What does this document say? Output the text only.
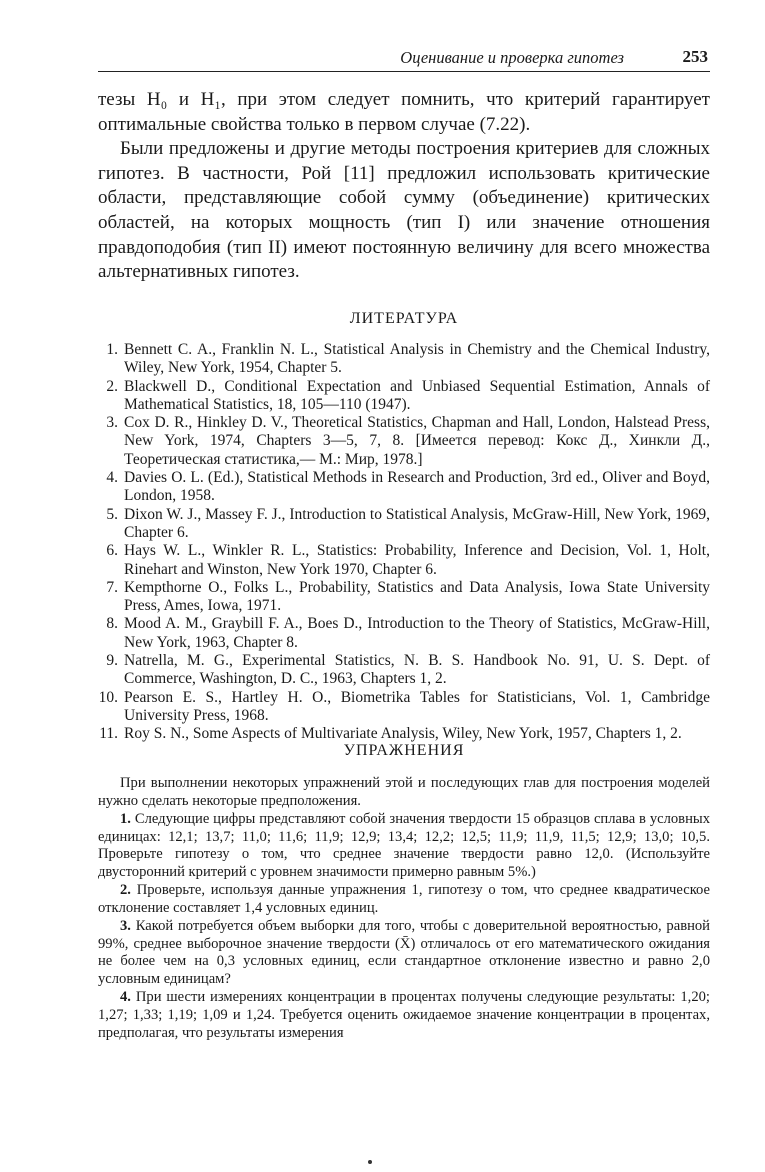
Оценивание и проверка гипотез	253

тезы H₀ и H₁, при этом следует помнить, что критерий гарантирует оптимальные свойства только в первом случае (7.22).

Были предложены и другие методы построения критериев для сложных гипотез. В частности, Рой [11] предложил использовать критические области, представляющие собой сумму (объединение) критических областей, на которых мощность (тип I) или значение отношения правдоподобия (тип II) имеют постоянную величину для всего множества альтернативных гипотез.

ЛИТЕРАТУРА
1. Bennett C. A., Franklin N. L., Statistical Analysis in Chemistry and the Chemical Industry, Wiley, New York, 1954, Chapter 5.
2. Blackwell D., Conditional Expectation and Unbiased Sequential Estimation, Annals of Mathematical Statistics, 18, 105—110 (1947).
3. Cox D. R., Hinkley D. V., Theoretical Statistics, Chapman and Hall, London, Halstead Press, New York, 1974, Chapters 3—5, 7, 8. [Имеется перевод: Кокс Д., Хинкли Д., Теоретическая статистика,— М.: Мир, 1978.]
4. Davies O. L. (Ed.), Statistical Methods in Research and Production, 3rd ed., Oliver and Boyd, London, 1958.
5. Dixon W. J., Massey F. J., Introduction to Statistical Analysis, McGraw-Hill, New York, 1969, Chapter 6.
6. Hays W. L., Winkler R. L., Statistics: Probability, Inference and Decision, Vol. 1, Holt, Rinehart and Winston, New York 1970, Chapter 6.
7. Kempthorne O., Folks L., Probability, Statistics and Data Analysis, Iowa State University Press, Ames, Iowa, 1971.
8. Mood A. M., Graybill F. A., Boes D., Introduction to the Theory of Statistics, McGraw-Hill, New York, 1963, Chapter 8.
9. Natrella, M. G., Experimental Statistics, N. B. S. Handbook No. 91, U. S. Dept. of Commerce, Washington, D. C., 1963, Chapters 1, 2.
10. Pearson E. S., Hartley H. O., Biometrika Tables for Statisticians, Vol. 1, Cambridge University Press, 1968.
11. Roy S. N., Some Aspects of Multivariate Analysis, Wiley, New York, 1957, Chapters 1, 2.
УПРАЖНЕНИЯ

При выполнении некоторых упражнений этой и последующих глав для построения моделей нужно сделать некоторые предположения.

1. Следующие цифры представляют собой значения твердости 15 образцов сплава в условных единицах: 12,1; 13,7; 11,0; 11,6; 11,9; 12,9; 13,4; 12,2; 12,5; 11,9; 11,9, 11,5; 12,9; 13,0; 10,5. Проверьте гипотезу о том, что среднее значение твердости равно 12,0. (Используйте двусторонний критерий с уровнем значимости примерно равным 5%.)

2. Проверьте, используя данные упражнения 1, гипотезу о том, что среднее квадратическое отклонение составляет 1,4 условных единиц.

3. Какой потребуется объем выборки для того, чтобы с доверительной вероятностью, равной 99%, среднее выборочное значение твердости (X̄) отличалось от его математического ожидания не более чем на 0,3 условных единиц, если стандартное отклонение известно и равно 2,0 условным единицам?

4. При шести измерениях концентрации в процентах получены следующие результаты: 1,20; 1,27; 1,33; 1,19; 1,09 и 1,24. Требуется оценить ожидаемое значение концентрации в процентах, предполагая, что результаты измерения
